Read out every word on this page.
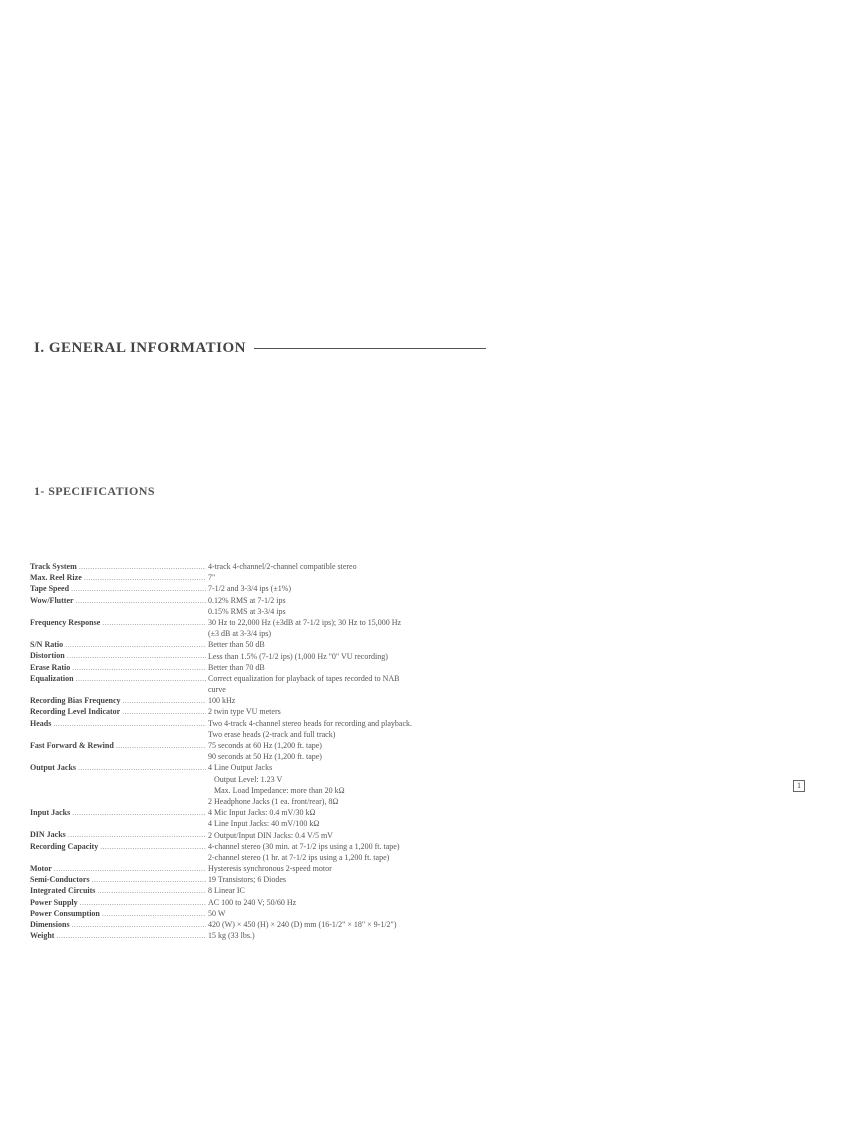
I. GENERAL INFORMATION
1- SPECIFICATIONS
Track System .....	4-track 4-channel/2-channel compatible stereo
Max. Reel Rize .....	7"
Tape Speed .....	7-1/2 and 3-3/4 ips (±1%)
Wow/Flutter .....	0.12% RMS at 7-1/2 ips
0.15% RMS at 3-3/4 ips
Frequency Response .....	30 Hz to 22,000 Hz (±3dB at 7-1/2 ips); 30 Hz to 15,000 Hz
(±3 dB at 3-3/4 ips)
S/N Ratio .....	Better than 50 dB
Distortion .....	Less than 1.5% (7-1/2 ips) (1,000 Hz "0" VU recording)
Erase Ratio .....	Better than 70 dB
Equalization .....	Correct equalization for playback of tapes recorded to NAB
curve
Recording Bias Frequency .....	100 kHz
Recording Level Indicator .....	2 twin type VU meters
Heads .....	Two 4-track 4-channel stereo heads for recording and playback.
Two erase heads (2-track and full track)
Fast Forward & Rewind .....	75 seconds at 60 Hz (1,200 ft. tape)
90 seconds at 50 Hz (1,200 ft. tape)
Output Jacks .....	4 Line Output Jacks
Output Level: 1.23 V
Max. Load Impedance: more than 20 kΩ
2 Headphone Jacks (1 ea. front/rear), 8Ω
Input Jacks .....	4 Mic Input Jacks: 0.4 mV/30 kΩ
4 Line Input Jacks: 40 mV/100 kΩ
DIN Jacks .....	2 Output/Input DIN Jacks: 0.4 V/5 mV
Recording Capacity .....	4-channel stereo (30 min. at 7-1/2 ips using a 1,200 ft. tape)
2-channel stereo (1 hr. at 7-1/2 ips using a 1,200 ft. tape)
Motor .....	Hysteresis synchronous 2-speed motor
Semi-Conductors .....	19 Transistors; 6 Diodes
Integrated Circuits .....	8 Linear IC
Power Supply .....	AC 100 to 240 V; 50/60 Hz
Power Consumption .....	50 W
Dimensions .....	420 (W) × 450 (H) × 240 (D) mm (16-1/2" × 18" × 9-1/2")
Weight .....	15 kg (33 lbs.)
1
